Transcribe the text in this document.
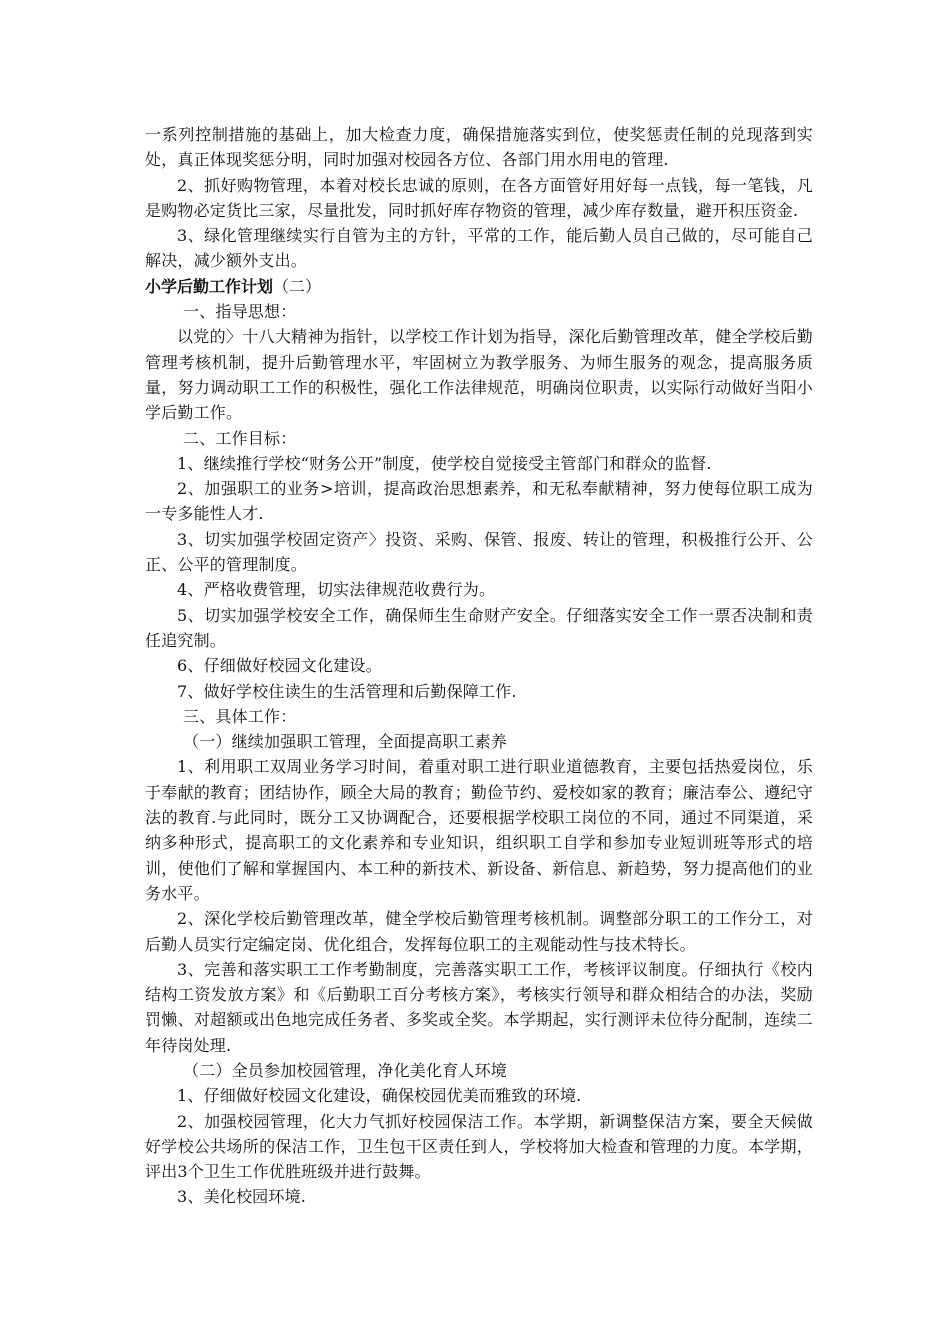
一系列控制措施的基础上，加大检查力度，确保措施落实到位，使奖惩责任制的兑现落到实处，真正体现奖惩分明，同时加强对校园各方位、各部门用水用电的管理.

2、抓好购物管理，本着对校长忠诚的原则，在各方面管好用好每一点钱，每一笔钱，凡是购物必定货比三家，尽量批发，同时抓好库存物资的管理，减少库存数量，避开积压资金.

3、绿化管理继续实行自管为主的方针，平常的工作，能后勤人员自己做的，尽可能自己解决，减少额外支出。

小学后勤工作计划（二）

一、指导思想：

以党的〉十八大精神为指针，以学校工作计划为指导，深化后勤管理改革，健全学校后勤管理考核机制，提升后勤管理水平，牢固树立为教学服务、为师生服务的观念，提高服务质量，努力调动职工工作的积极性，强化工作法律规范，明确岗位职责，以实际行动做好当阳小学后勤工作。

二、工作目标：

1、继续推行学校“财务公开”制度，使学校自觉接受主管部门和群众的监督.

2、加强职工的业务>培训，提高政治思想素养，和无私奉献精神，努力使每位职工成为一专多能性人才.

3、切实加强学校固定资产〉投资、采购、保管、报废、转让的管理，积极推行公开、公正、公平的管理制度。

4、严格收费管理，切实法律规范收费行为。

5、切实加强学校安全工作，确保师生生命财产安全。仔细落实安全工作一票否决制和责任追究制。

6、仔细做好校园文化建设。

7、做好学校住读生的生活管理和后勤保障工作.

三、具体工作：

（一）继续加强职工管理，全面提高职工素养

1、利用职工双周业务学习时间，着重对职工进行职业道德教育，主要包括热爱岗位，乐于奉献的教育；团结协作，顾全大局的教育；勤俭节约、爱校如家的教育；廉洁奉公、遵纪守法的教育.与此同时，既分工又协调配合，还要根据学校职工岗位的不同，通过不同渠道，采纳多种形式，提高职工的文化素养和专业知识，组织职工自学和参加专业短训班等形式的培训，使他们了解和掌握国内、本工种的新技术、新设备、新信息、新趋势，努力提高他们的业务水平。

2、深化学校后勤管理改革，健全学校后勤管理考核机制。调整部分职工的工作分工，对后勤人员实行定编定岗、优化组合，发挥每位职工的主观能动性与技术特长。

3、完善和落实职工工作考勤制度，完善落实职工工作，考核评议制度。仔细执行《校内结构工资发放方案》和《后勤职工百分考核方案》，考核实行领导和群众相结合的办法，奖励罚懒、对超额或出色地完成任务者、多奖或全奖。本学期起，实行测评未位待分配制，连续二年待岗处理.

（二）全员参加校园管理，净化美化育人环境

1、仔细做好校园文化建设，确保校园优美而雅致的环境.

2、加强校园管理，化大力气抓好校园保洁工作。本学期，新调整保洁方案，要全天候做好学校公共场所的保洁工作，卫生包干区责任到人，学校将加大检查和管理的力度。本学期，评出3个卫生工作优胜班级并进行鼓舞。

3、美化校园环境.
